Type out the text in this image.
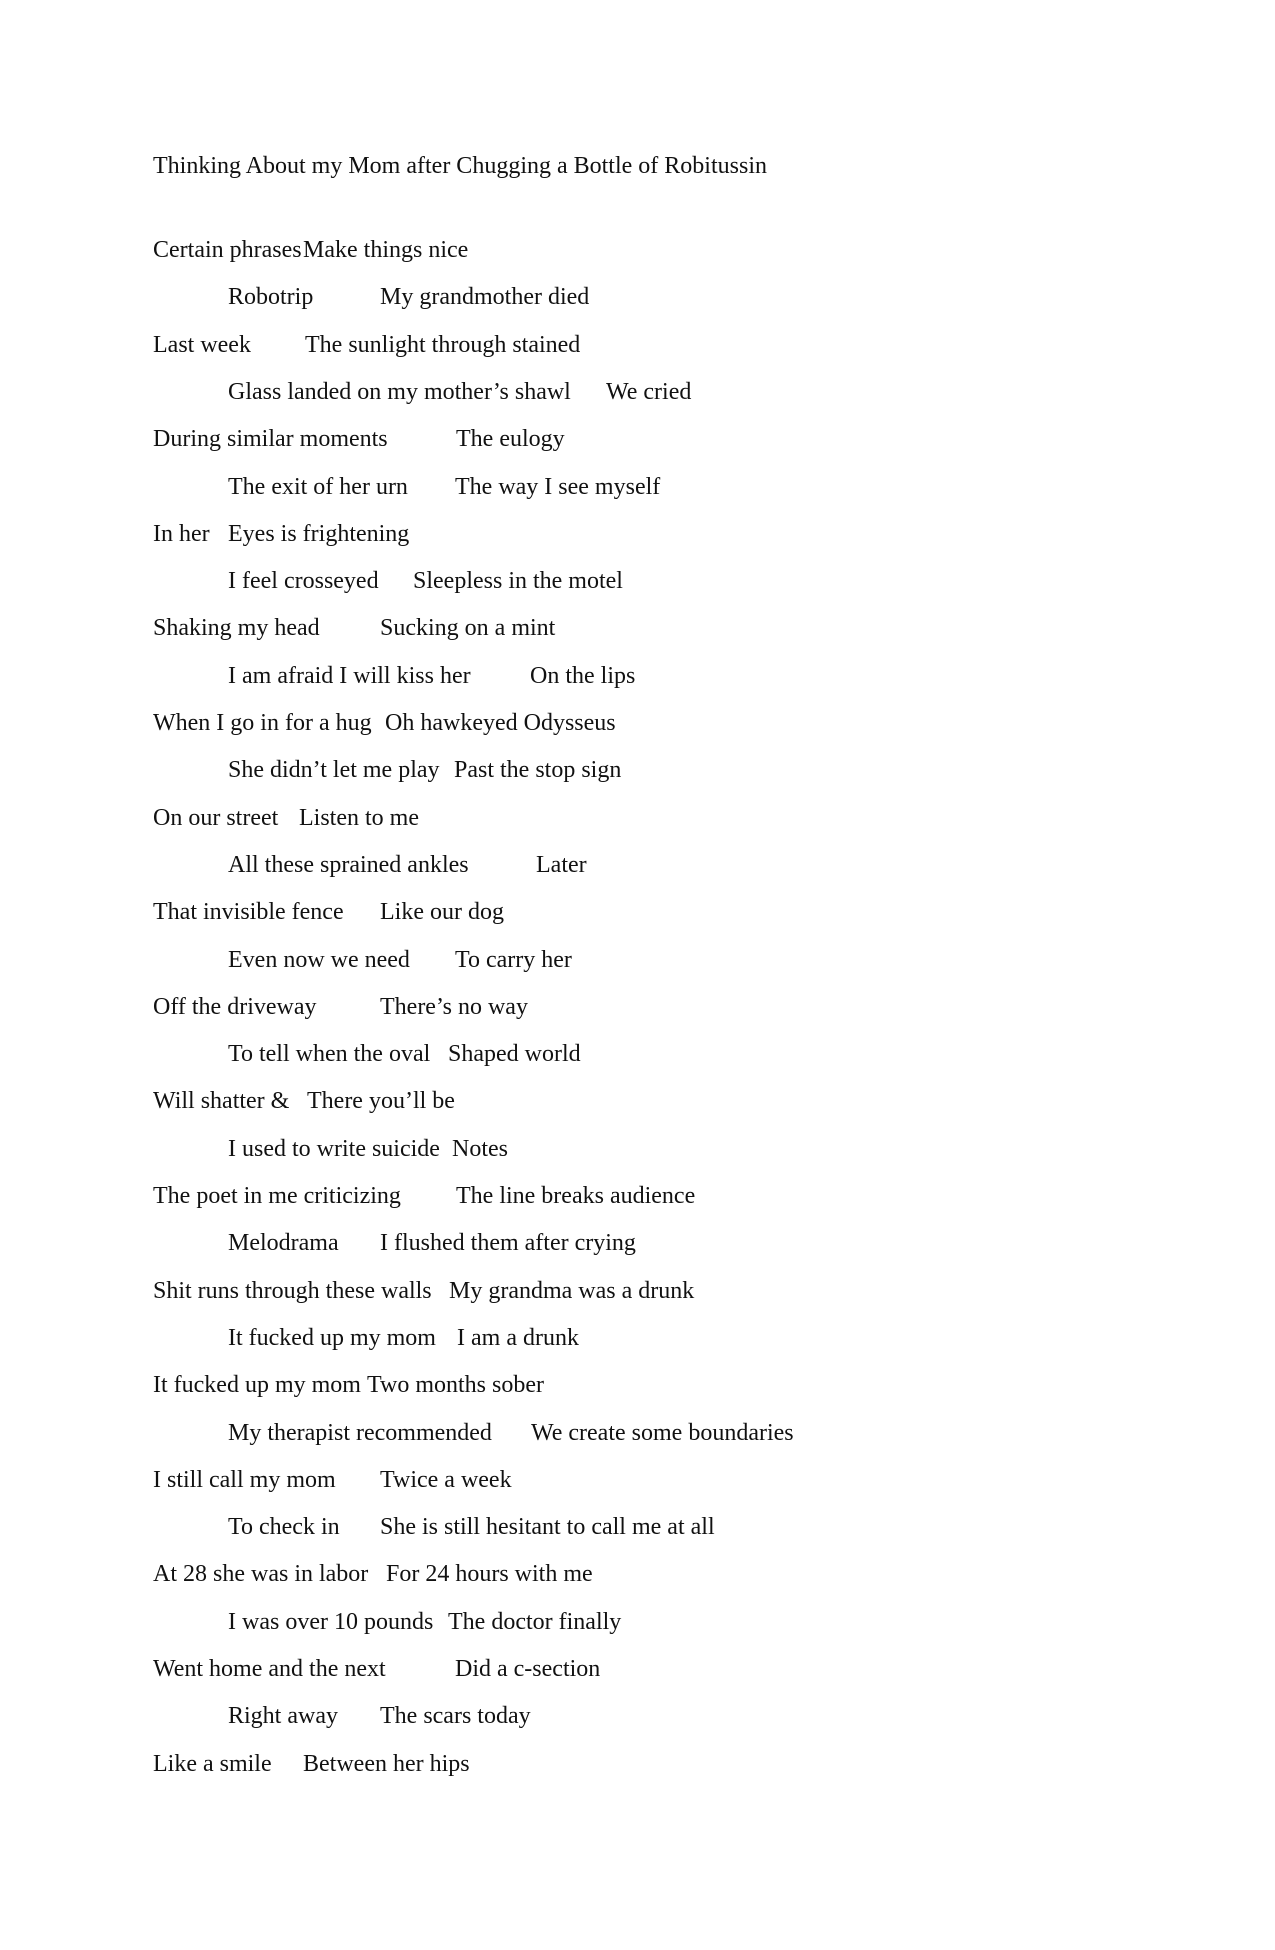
Thinking About my Mom after Chugging a Bottle of Robitussin
Certain phrases Make things nice
Robotrip	My grandmother died
Last week The sunlight through stained
Glass landed on my mother’s shawl We cried
During similar moments	The eulogy
The exit of her urn The way I see myself
In her Eyes is frightening
I feel crosseyed Sleepless in the motel
Shaking my head	Sucking on a mint
I am afraid I will kiss her On the lips
When I go in for a hug Oh hawkeyed Odysseus
She didn’t let me play Past the stop sign
On our street Listen to me
All these sprained ankles	Later
That invisible fence Like our dog
Even now we need To carry her
Off the driveway	There’s no way
To tell when the oval Shaped world
Will shatter & There you’ll be
I used to write suicide Notes
The poet in me criticizing The line breaks audience
Melodrama I flushed them after crying
Shit runs through these walls My grandma was a drunk
It fucked up my mom I am a drunk
It fucked up my mom Two months sober
My therapist recommended We create some boundaries
I still call my mom Twice a week
To check in She is still hesitant to call me at all
At 28 she was in labor For 24 hours with me
I was over 10 pounds The doctor finally
Went home and the next	Did a c-section
Right away The scars today
Like a smile Between her hips
